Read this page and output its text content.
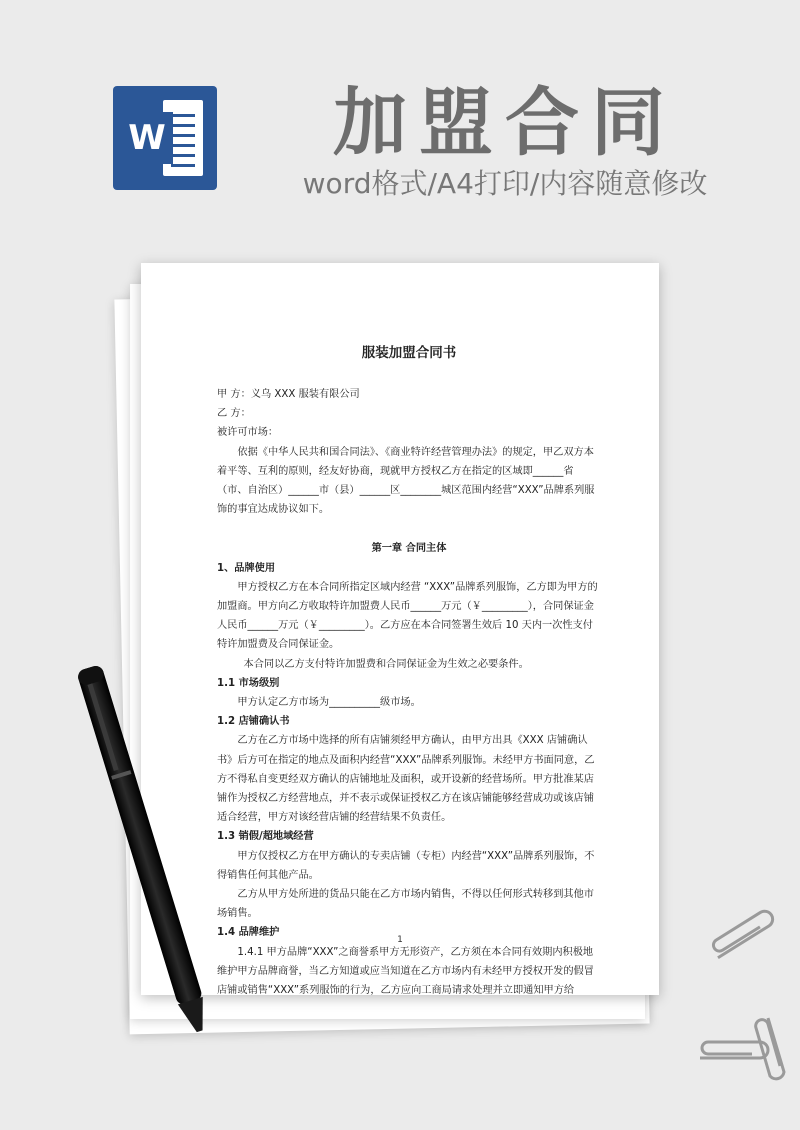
W	加盟合同
word格式/A4打印/内容随意修改
服装加盟合同书

甲 方：义乌 XXX 服装有限公司

乙 方：

被许可市场：

依据《中华人民共和国合同法》、《商业特许经营管理办法》的规定，甲乙双方本着平等、互利的原则，经友好协商，现就甲方授权乙方在指定的区域即______省（市、自治区）______市（县）______区________城区范围内经营“XXX”品牌系列服饰的事宜达成协议如下。

第一章 合同主体

1、品牌使用

甲方授权乙方在本合同所指定区域内经营 “XXX”品牌系列服饰，乙方即为甲方的加盟商。甲方向乙方收取特许加盟费人民币______万元（￥_________），合同保证金人民币______万元（￥_________）。乙方应在本合同签署生效后 10 天内一次性支付特许加盟费及合同保证金。

本合同以乙方支付特许加盟费和合同保证金为生效之必要条件。

1.1 市场级别

甲方认定乙方市场为__________级市场。

1.2 店铺确认书

乙方在乙方市场中选择的所有店铺须经甲方确认，由甲方出具《XXX 店铺确认书》后方可在指定的地点及面积内经营“XXX”品牌系列服饰。未经甲方书面同意，乙方不得私自变更经双方确认的店铺地址及面积，或开设新的经营场所。甲方批准某店铺作为授权乙方经营地点，并不表示或保证授权乙方在该店铺能够经营成功或该店铺适合经营，甲方对该经营店铺的经营结果不负责任。

1.3 销假/超地域经营

甲方仅授权乙方在甲方确认的专卖店铺（专柜）内经营“XXX”品牌系列服饰，不得销售任何其他产品。

乙方从甲方处所进的货品只能在乙方市场内销售，不得以任何形式转移到其他市场销售。

1.4 品牌维护

1.4.1 甲方品牌“XXX”之商誉系甲方无形资产，乙方须在本合同有效期内积极地维护甲方品牌商誉，当乙方知道或应当知道在乙方市场内有未经甲方授权开发的假冒店铺或销售“XXX”系列服饰的行为，乙方应向工商局请求处理并立即通知甲方给

1
